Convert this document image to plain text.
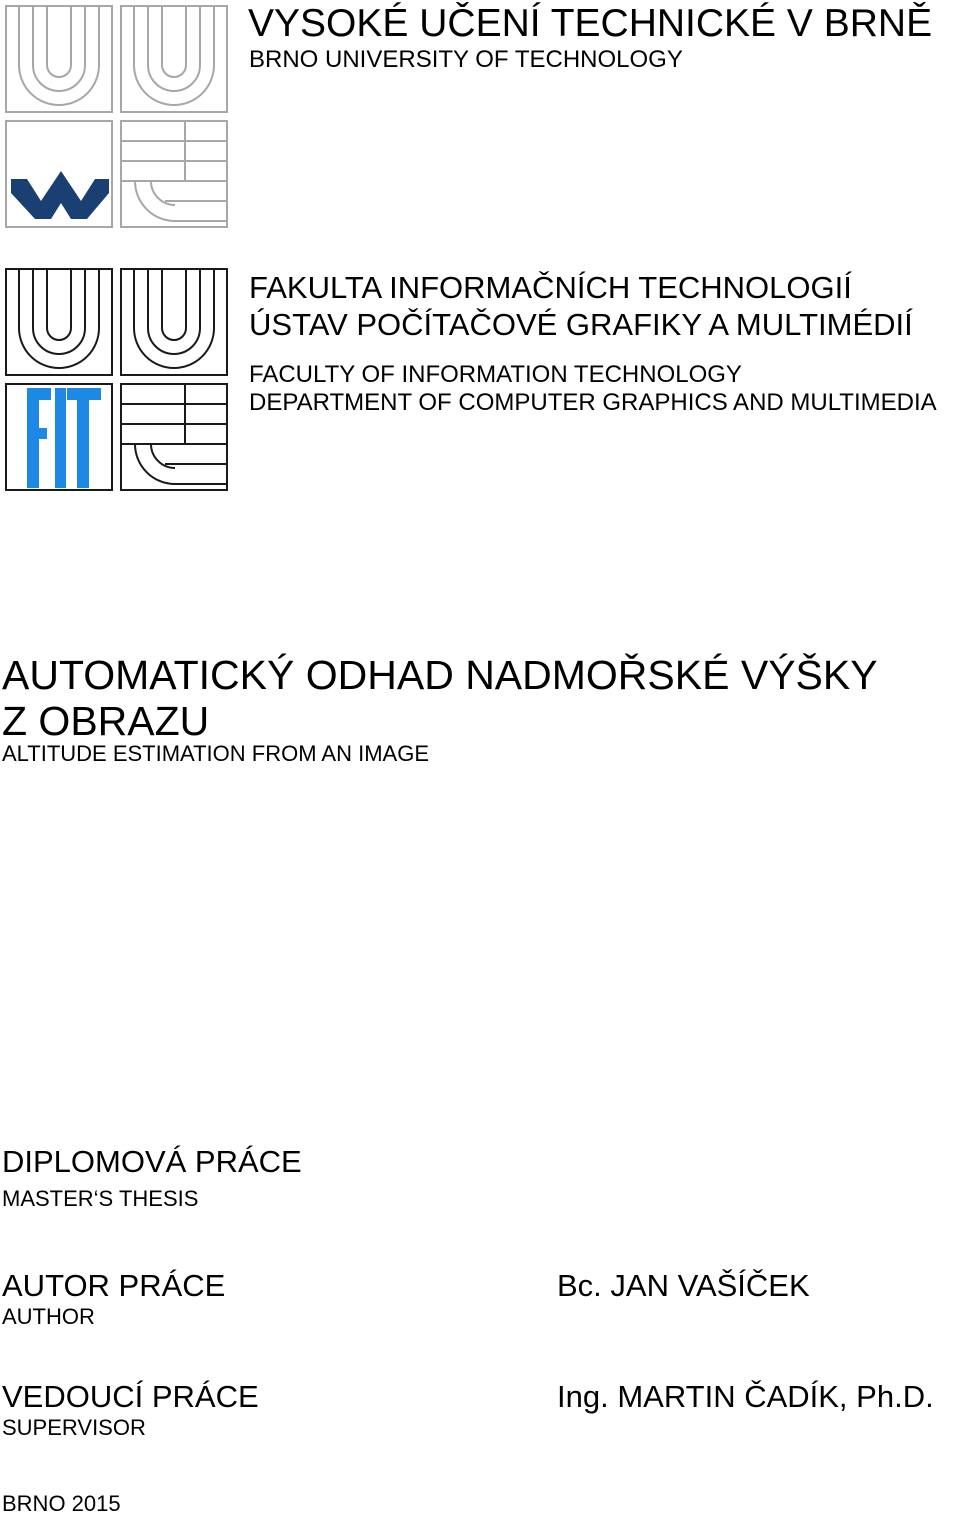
VYSOKÉ UČENÍ TECHNICKÉ V BRNĚ
BRNO UNIVERSITY OF TECHNOLOGY
FAKULTA INFORMAČNÍCH TECHNOLOGIÍ
ÚSTAV POČÍTAČOVÉ GRAFIKY A MULTIMÉDIÍ
FACULTY OF INFORMATION TECHNOLOGY
DEPARTMENT OF COMPUTER GRAPHICS AND MULTIMEDIA
AUTOMATICKÝ ODHAD NADMOŘSKÉ VÝŠKY Z OBRAZU
ALTITUDE ESTIMATION FROM AN IMAGE
DIPLOMOVÁ PRÁCE
MASTER‘S THESIS
AUTOR PRÁCE
AUTHOR
Bc. JAN VAŠÍČEK
VEDOUCÍ PRÁCE
SUPERVISOR
Ing. MARTIN ČADÍK, Ph.D.
BRNO 2015
